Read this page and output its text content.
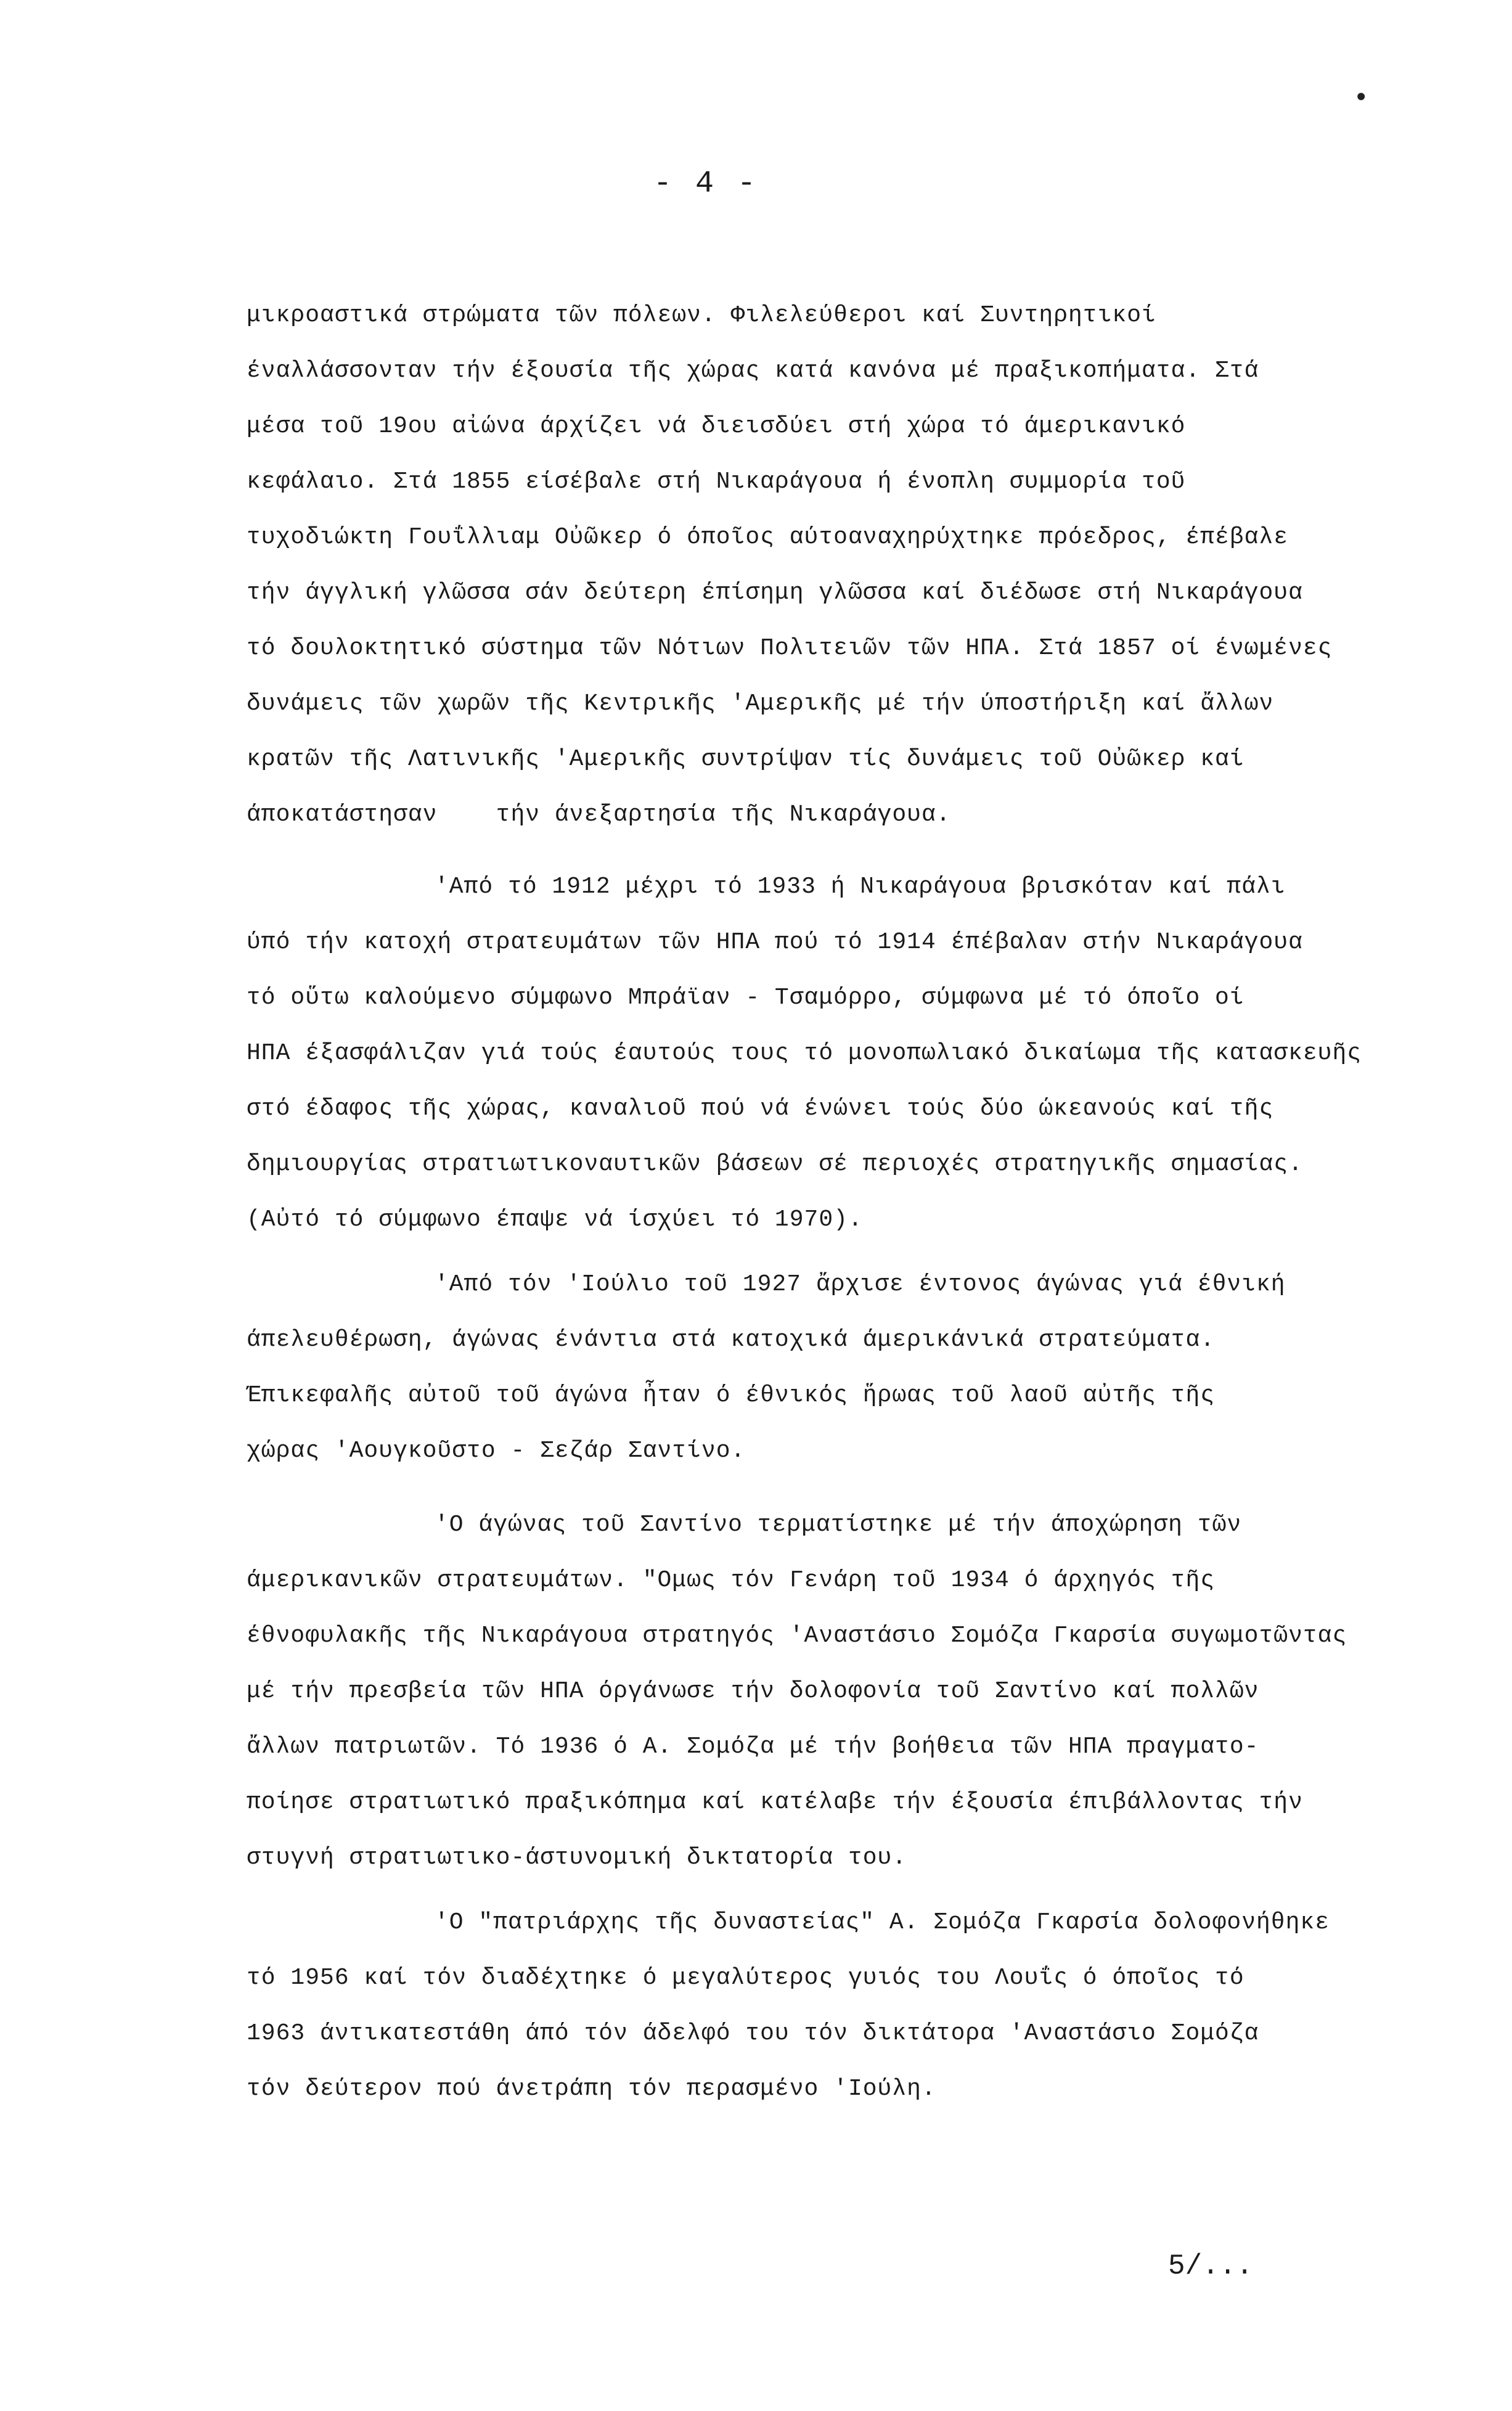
•
- 4 -
μικροαστικά στρώματα τῶν πόλεων. Φιλελεύθεροι καί Συντηρητικοί
έναλλάσσονταν τήν έξουσία τῆς χώρας κατά κανόνα μέ πραξικοπήματα. Στά
μέσα τοῦ 19ου αἰώνα άρχίζει νά διεισδύει στή χώρα τό άμερικανικό
κεφάλαιο. Στά 1855 είσέβαλε στή Νικαράγουα ή ένοπλη συμμορία τοῦ
τυχοδιώκτη Γουΐλλιαμ Οὐῶκερ ό όποῖος αύτοαναχηρύχτηκε πρόεδρος, έπέβαλε
τήν άγγλική γλῶσσα σάν δεύτερη έπίσημη γλῶσσα καί διέδωσε στή Νικαράγουα
τό δουλοκτητικό σύστημα τῶν Νότιων Πολιτειῶν τῶν ΗΠΑ. Στά 1857 οί ένωμένες
δυνάμεις τῶν χωρῶν τῆς Κεντρικῆς 'Αμερικῆς μέ τήν ύποστήριξη καί ἄλλων
κρατῶν τῆς Λατινικῆς 'Αμερικῆς συντρίψαν τίς δυνάμεις τοῦ Οὐῶκερ καί
άποκατάστησαν    τήν άνεξαρτησία τῆς Νικαράγουα.
'Από τό 1912 μέχρι τό 1933 ή Νικαράγουα βρισκόταν καί πάλι
ύπό τήν κατοχή στρατευμάτων τῶν ΗΠΑ πού τό 1914 έπέβαλαν στήν Νικαράγουα
τό οὕτω καλούμενο σύμφωνο Μπράϊαν - Τσαμόρρο, σύμφωνα μέ τό όποῖο οί
ΗΠΑ έξασφάλιζαν γιά τούς έαυτούς τους τό μονοπωλιακό δικαίωμα τῆς κατασκευῆς
στό έδαφος τῆς χώρας, καναλιοῦ πού νά ένώνει τούς δύο ώκεανούς καί τῆς
δημιουργίας στρατιωτικοναυτικῶν βάσεων σέ περιοχές στρατηγικῆς σημασίας.
(Αὐτό τό σύμφωνο έπαψε νά ίσχύει τό 1970).
'Από τόν 'Ιούλιο τοῦ 1927 ἄρχισε έντονος άγώνας γιά έθνική
άπελευθέρωση, άγώνας ένάντια στά κατοχικά άμερικάνικά στρατεύματα.
Έπικεφαλῆς αὐτοῦ τοῦ άγώνα ἦταν ό έθνικός ἥρωας τοῦ λαοῦ αὐτῆς τῆς
χώρας 'Αουγκοῦστο - Σεζάρ Σαντίνο.
'Ο άγώνας τοῦ Σαντίνο τερματίστηκε μέ τήν άποχώρηση τῶν
άμερικανικῶν στρατευμάτων. "Ομως τόν Γενάρη τοῦ 1934 ό άρχηγός τῆς
έθνοφυλακῆς τῆς Νικαράγουα στρατηγός 'Αναστάσιο Σομόζα Γκαρσία συγωμοτῶντας
μέ τήν πρεσβεία τῶν ΗΠΑ όργάνωσε τήν δολοφονία τοῦ Σαντίνο καί πολλῶν
ἄλλων πατριωτῶν. Τό 1936 ό Α. Σομόζα μέ τήν βοήθεια τῶν ΗΠΑ πραγματο-
ποίησε στρατιωτικό πραξικόπημα καί κατέλαβε τήν έξουσία έπιβάλλοντας τήν
στυγνή στρατιωτικο-άστυνομική δικτατορία του.
'Ο "πατριάρχης τῆς δυναστείας" Α. Σομόζα Γκαρσία δολοφονήθηκε
τό 1956 καί τόν διαδέχτηκε ό μεγαλύτερος γυιός του Λουΐς ό όποῖος τό
1963 άντικατεστάθη άπό τόν άδελφό του τόν δικτάτορα 'Αναστάσιο Σομόζα
τόν δεύτερον πού άνετράπη τόν περασμένο 'Ιούλη.
5/...
